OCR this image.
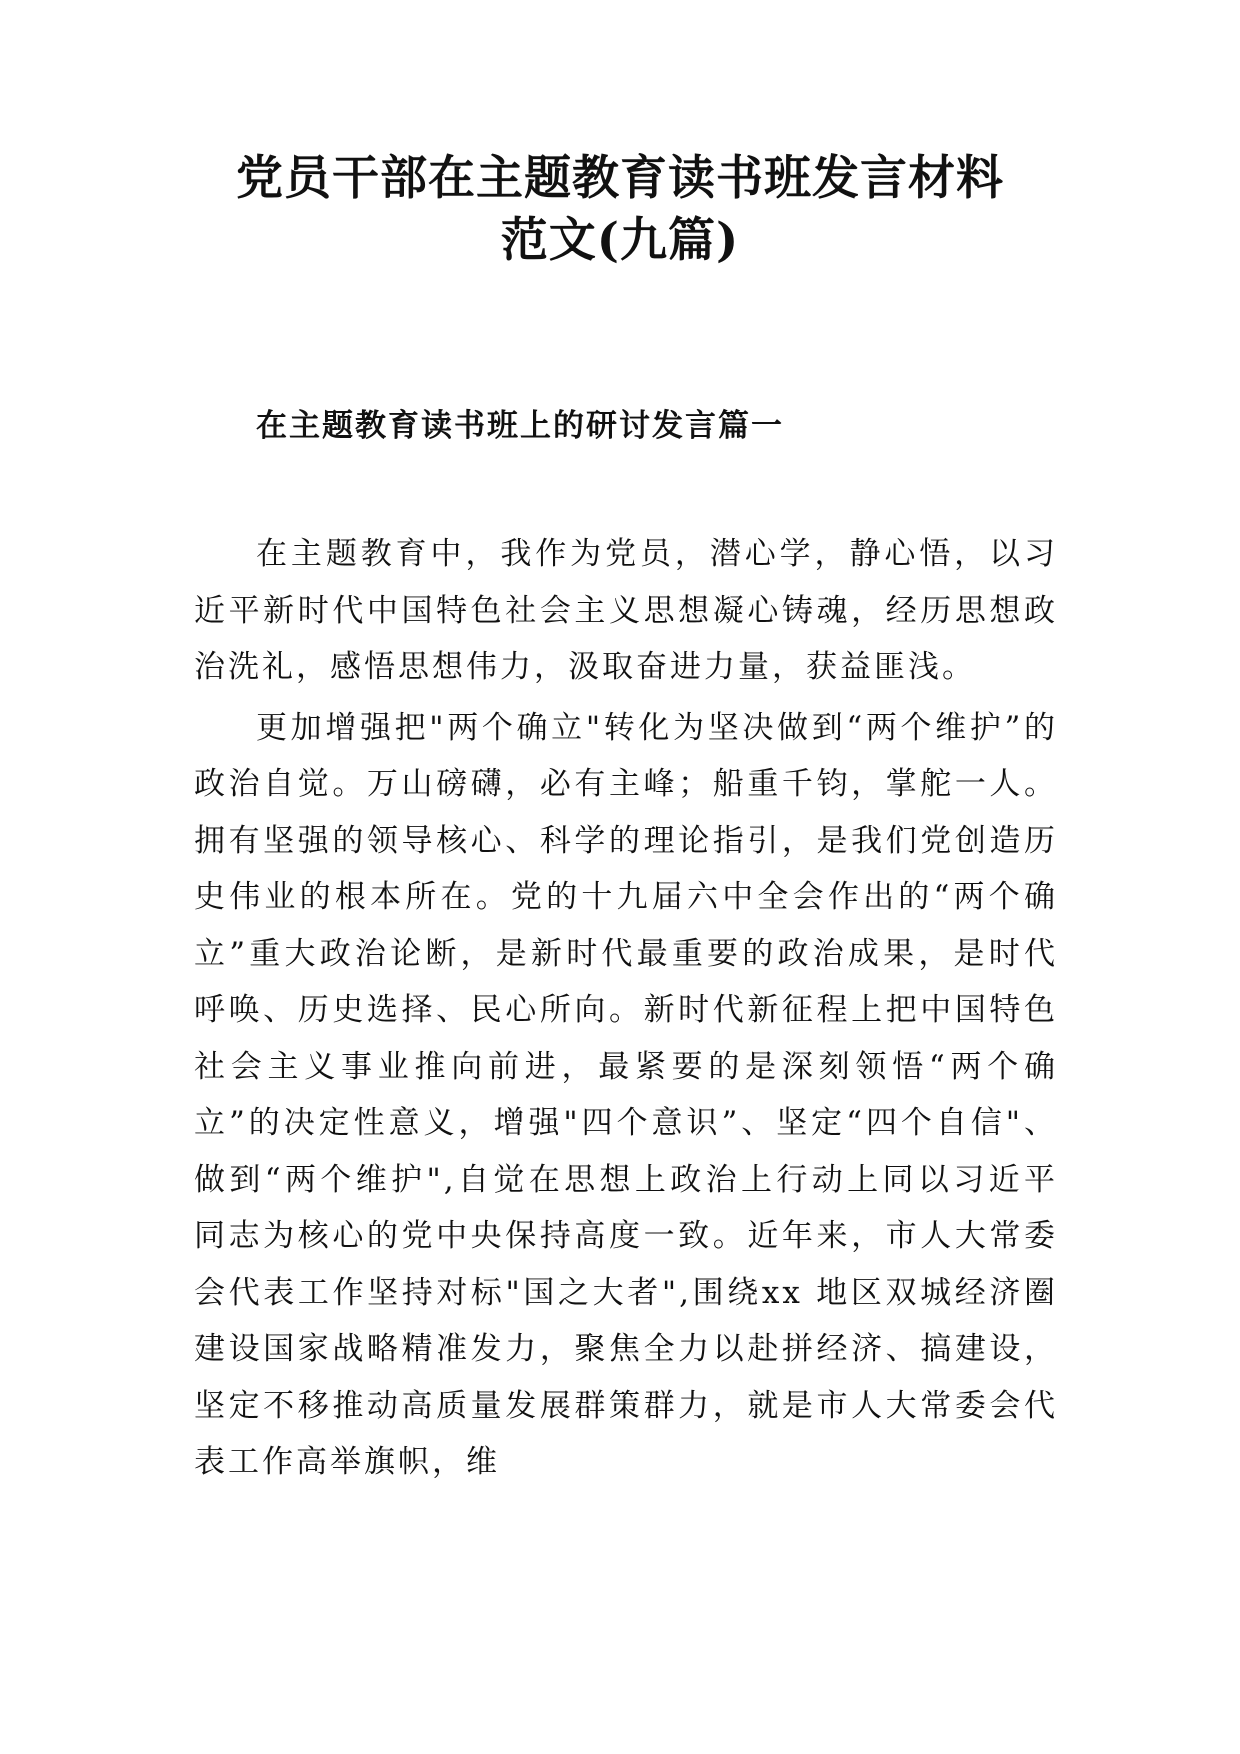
党员干部在主题教育读书班发言材料
范文(九篇)
在主题教育读书班上的研讨发言篇一

在主题教育中，我作为党员，潜心学，静心悟，以习近平新时代中国特色社会主义思想凝心铸魂，经历思想政治洗礼，感悟思想伟力，汲取奋进力量，获益匪浅。

更加增强把"两个确立"转化为坚决做到“两个维护”的政治自觉。万山磅礴，必有主峰；船重千钧，掌舵一人。拥有坚强的领导核心、科学的理论指引，是我们党创造历史伟业的根本所在。党的十九届六中全会作出的“两个确立”重大政治论断，是新时代最重要的政治成果，是时代呼唤、历史选择、民心所向。新时代新征程上把中国特色社会主义事业推向前进，最紧要的是深刻领悟“两个确立”的决定性意义，增强"四个意识”、坚定“四个自信"、做到“两个维护",自觉在思想上政治上行动上同以习近平同志为核心的党中央保持高度一致。近年来，市人大常委会代表工作坚持对标"国之大者",围绕xx 地区双城经济圈建设国家战略精准发力，聚焦全力以赴拼经济、搞建设，坚定不移推动高质量发展群策群力，就是市人大常委会代表工作高举旗帜，维
